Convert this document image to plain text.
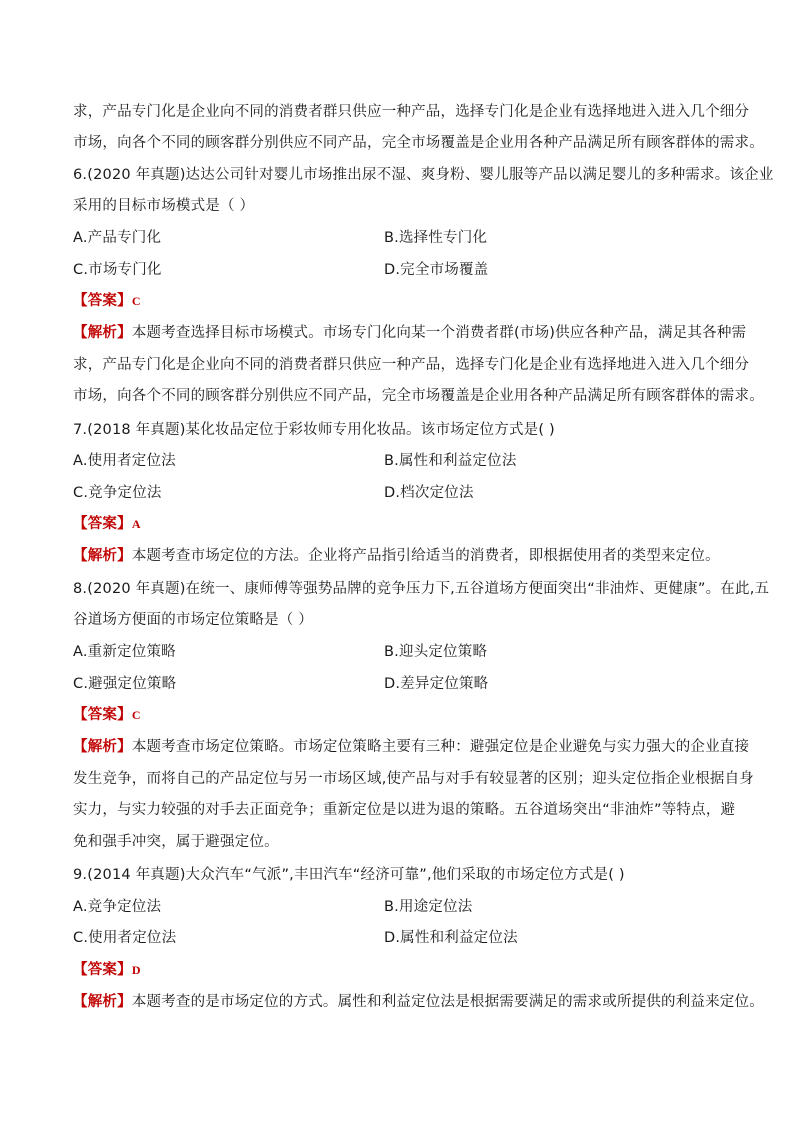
求，产品专门化是企业向不同的消费者群只供应一种产品，选择专门化是企业有选择地进入进入几个细分
市场，向各个不同的顾客群分别供应不同产品，完全市场覆盖是企业用各种产品满足所有顾客群体的需求。
6.(2020 年真题)达达公司针对婴儿市场推出尿不湿、爽身粉、婴儿服等产品以满足婴儿的多种需求。该企业
采用的目标市场模式是（ ）
A.产品专门化	B.选择性专门化
C.市场专门化	D.完全市场覆盖
【答案】C
【解析】本题考查选择目标市场模式。市场专门化向某一个消费者群(市场)供应各种产品，满足其各种需
求，产品专门化是企业向不同的消费者群只供应一种产品，选择专门化是企业有选择地进入进入几个细分
市场，向各个不同的顾客群分别供应不同产品，完全市场覆盖是企业用各种产品满足所有顾客群体的需求。
7.(2018 年真题)某化妆品定位于彩妆师专用化妆品。该市场定位方式是( )
A.使用者定位法	B.属性和利益定位法
C.竞争定位法	D.档次定位法
【答案】A
【解析】本题考查市场定位的方法。企业将产品指引给适当的消费者，即根据使用者的类型来定位。
8.(2020 年真题)在统一、康师傅等强势品牌的竞争压力下,五谷道场方便面突出“非油炸、更健康”。在此,五
谷道场方便面的市场定位策略是（ ）
A.重新定位策略	B.迎头定位策略
C.避强定位策略	D.差异定位策略
【答案】C
【解析】本题考查市场定位策略。市场定位策略主要有三种：避强定位是企业避免与实力强大的企业直接
发生竞争，而将自己的产品定位与另一市场区域,使产品与对手有较显著的区别；迎头定位指企业根据自身
实力，与实力较强的对手去正面竞争；重新定位是以进为退的策略。五谷道场突出“非油炸”等特点，避
免和强手冲突，属于避强定位。
9.(2014 年真题)大众汽车“气派”,丰田汽车“经济可靠”,他们采取的市场定位方式是( )
A.竞争定位法	B.用途定位法
C.使用者定位法	D.属性和利益定位法
【答案】D
【解析】本题考查的是市场定位的方式。属性和利益定位法是根据需要满足的需求或所提供的利益来定位。
